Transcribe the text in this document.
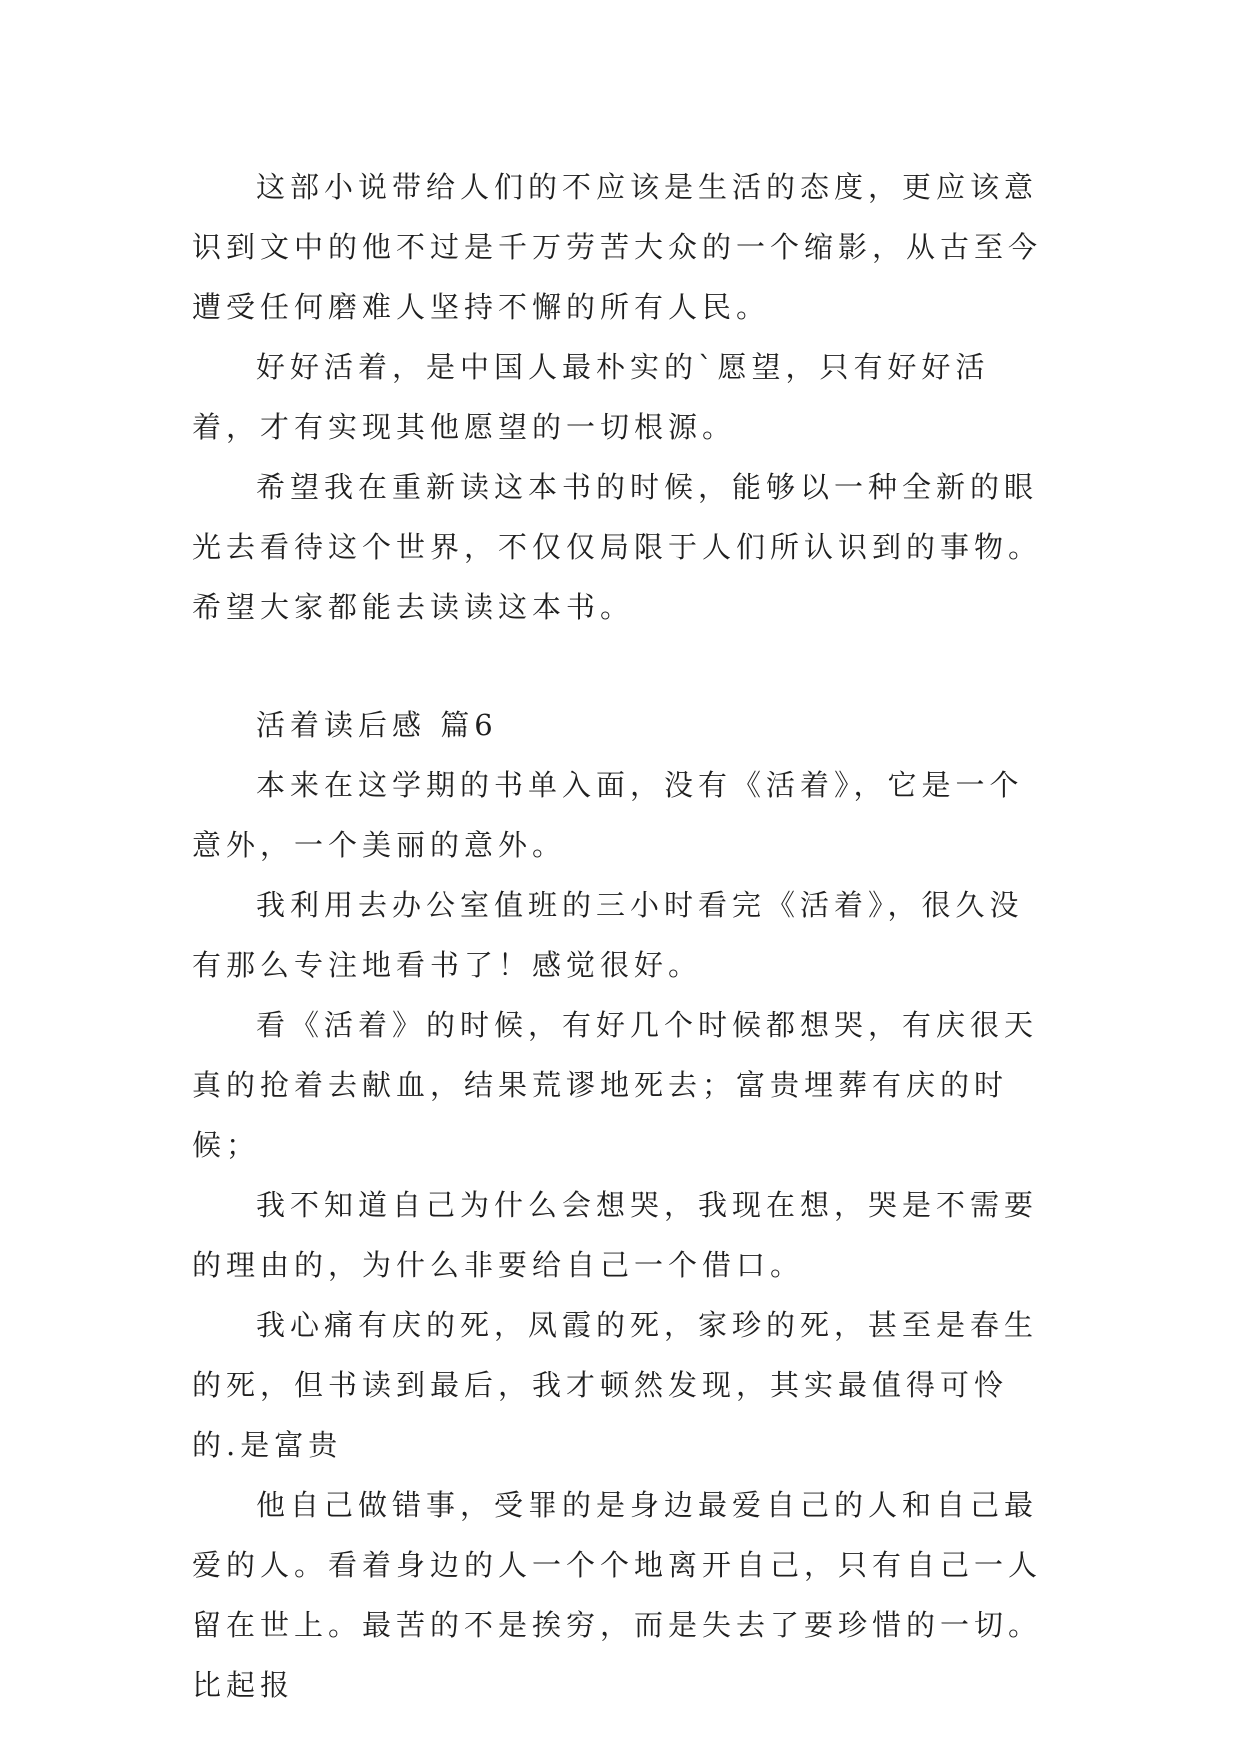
这部小说带给人们的不应该是生活的态度，更应该意识到文中的他不过是千万劳苦大众的一个缩影，从古至今遭受任何磨难人坚持不懈的所有人民。

好好活着，是中国人最朴实的`愿望，只有好好活着，才有实现其他愿望的一切根源。

希望我在重新读这本书的时候，能够以一种全新的眼光去看待这个世界，不仅仅局限于人们所认识到的事物。希望大家都能去读读这本书。

活着读后感 篇6

本来在这学期的书单入面，没有《活着》，它是一个意外，一个美丽的意外。

我利用去办公室值班的三小时看完《活着》，很久没有那么专注地看书了！感觉很好。

看《活着》的时候，有好几个时候都想哭，有庆很天真的抢着去献血，结果荒谬地死去；富贵埋葬有庆的时候；

我不知道自己为什么会想哭，我现在想，哭是不需要的理由的，为什么非要给自己一个借口。

我心痛有庆的死，凤霞的死，家珍的死，甚至是春生的死，但书读到最后，我才顿然发现，其实最值得可怜的.是富贵

他自己做错事，受罪的是身边最爱自己的人和自己最爱的人。看着身边的人一个个地离开自己，只有自己一人留在世上。最苦的不是挨穷，而是失去了要珍惜的一切。比起报
